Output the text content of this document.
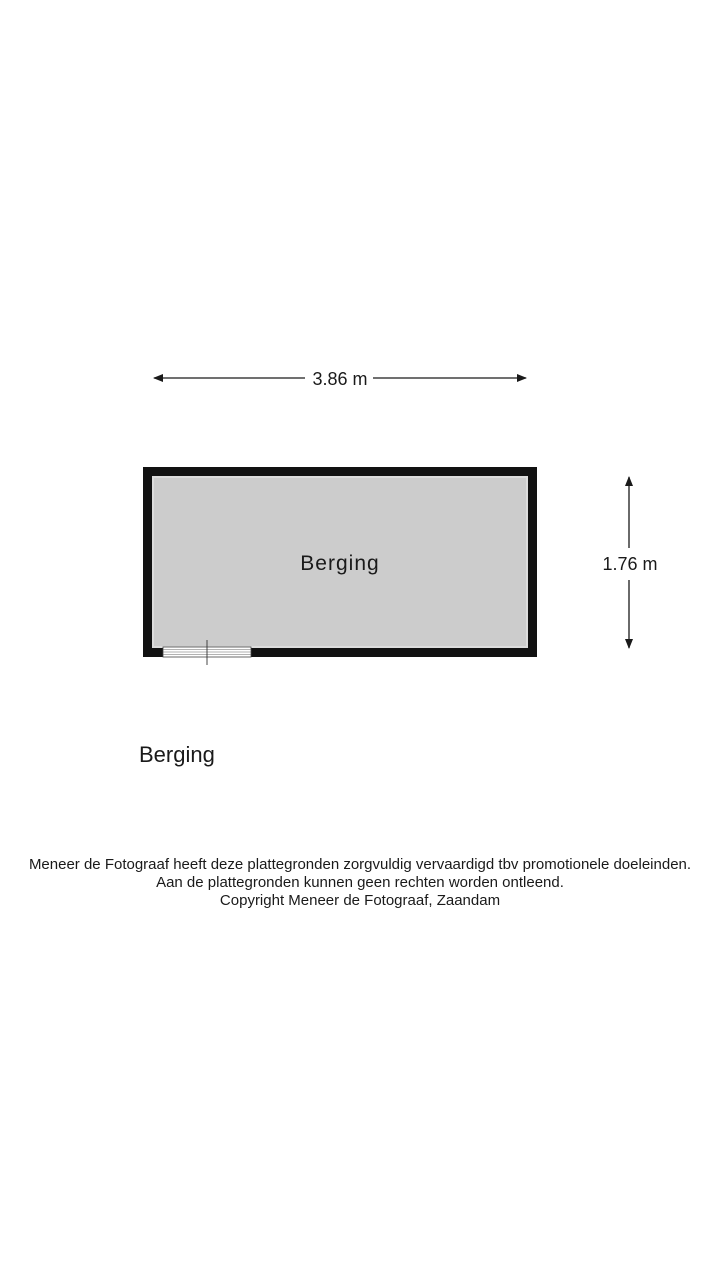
3.86 m
Berging	1.76 m
Berging
Meneer de Fotograaf heeft deze plattegronden zorgvuldig vervaardigd tbv promotionele doeleinden.
Aan de plattegronden kunnen geen rechten worden ontleend.
Copyright Meneer de Fotograaf, Zaandam
